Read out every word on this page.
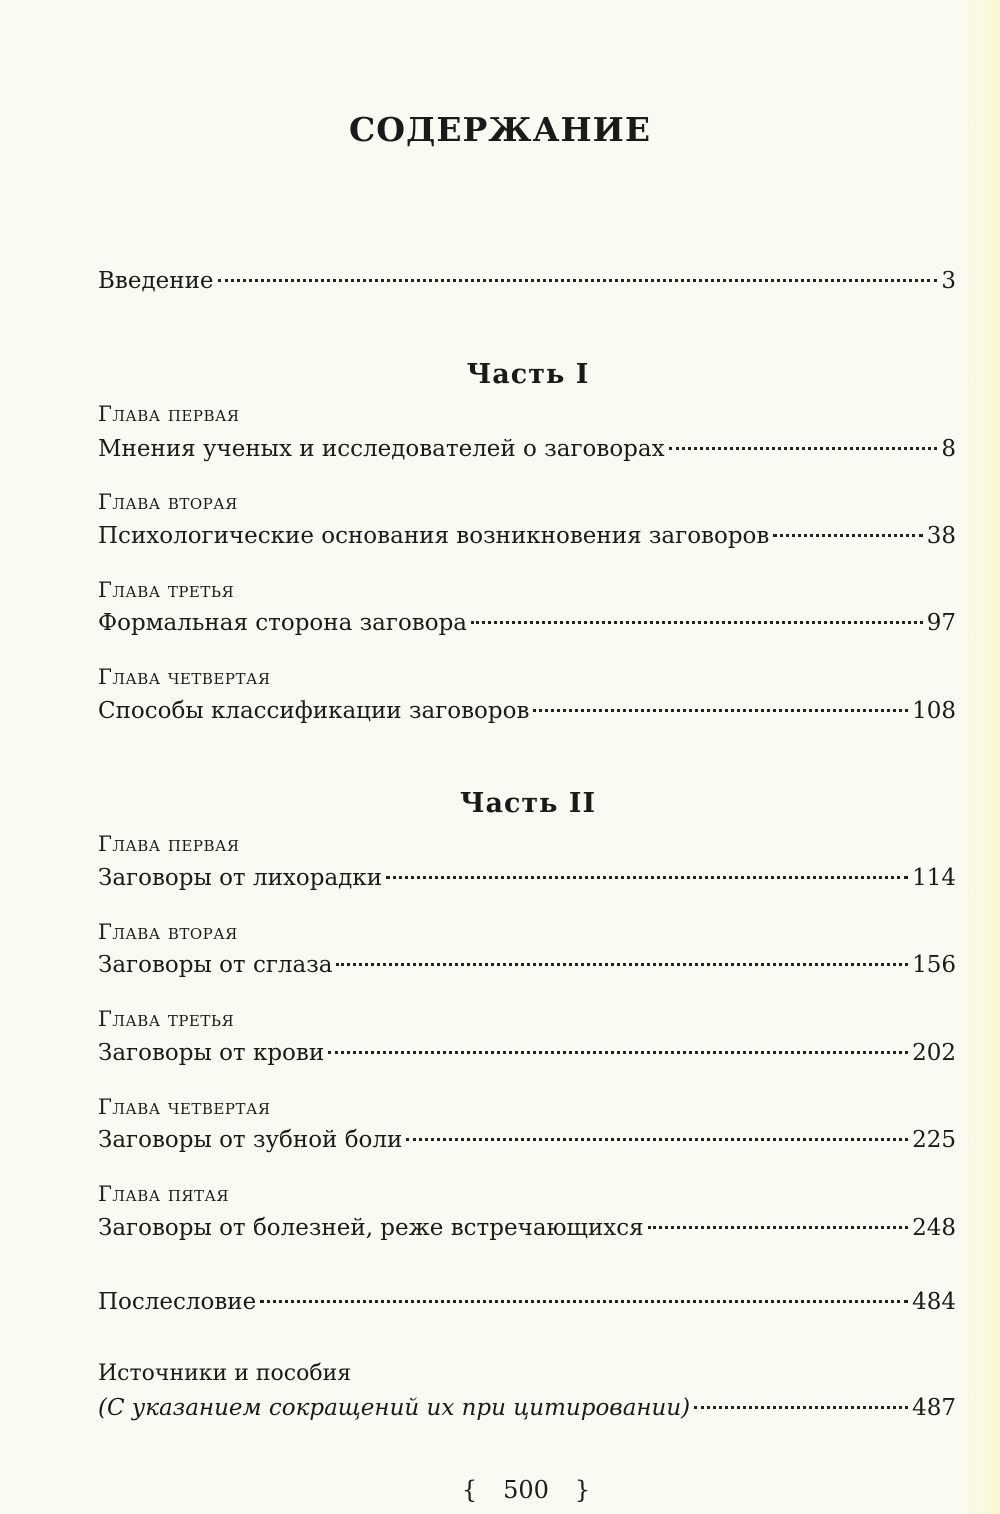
СОДЕРЖАНИЕ
Введение	3
Часть I
Глава первая
Мнения ученых и исследователей о заговорах	8
Глава вторая
Психологические основания возникновения заговоров	38
Глава третья
Формальная сторона заговора	97
Глава четвертая
Способы классификации заговоров	108
Часть II
Глава первая
Заговоры от лихорадки	114
Глава вторая
Заговоры от сглаза	156
Глава третья
Заговоры от крови	202
Глава четвертая
Заговоры от зубной боли	225
Глава пятая
Заговоры от болезней, реже встречающихся	248
Послесловие	484
Источники и пособия
(С указанием сокращений их при цитировании)	487
{ 500 }
